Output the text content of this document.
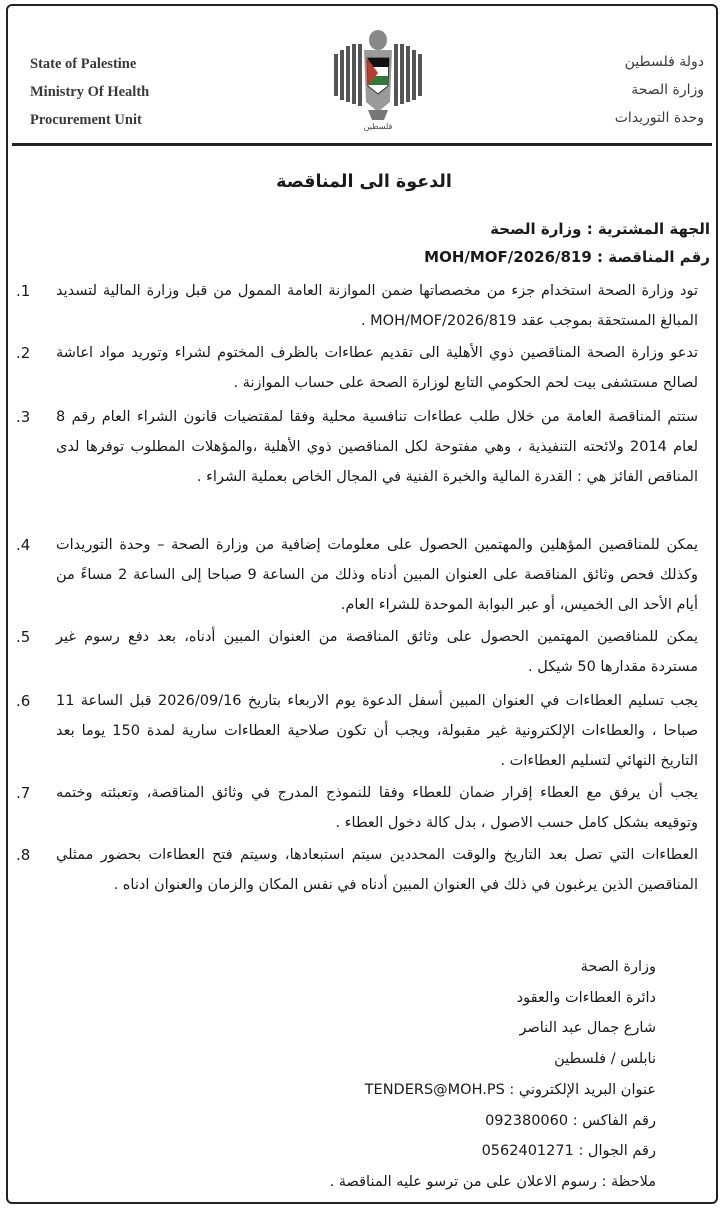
State of Palestine
Ministry Of Health
Procurement Unit	فلسطين
دولة فلسطين
وزارة الصحة
وحدة التوريدات
الدعوة الى المناقصة
الجهة المشترية : وزارة الصحة
رقم المناقصة : MOH/MOF/2026/819
.1	تود وزارة الصحة استخدام جزء من مخصصاتها ضمن الموازنة العامة الممول من قبل وزارة المالية لتسديد المبالغ المستحقة بموجب عقد MOH/MOF/2026/819 .
.2	تدعو وزارة الصحة المناقصين ذوي الأهلية الى تقديم عطاءات بالظرف المختوم لشراء وتوريد مواد اعاشة لصالح مستشفى بيت لحم الحكومي التابع لوزارة الصحة على حساب الموازنة .
.3	ستتم المناقصة العامة من خلال طلب عطاءات تنافسية محلية وفقا لمقتضيات قانون الشراء العام رقم 8 لعام 2014 ولائحته التنفيذية ، وهي مفتوحة لكل المناقصين ذوي الأهلية ،والمؤهلات المطلوب توفرها لدى المناقص الفائز هي : القدرة المالية والخبرة الفنية في المجال الخاص بعملية الشراء .
.4	يمكن للمناقصين المؤهلين والمهتمين الحصول على معلومات إضافية من وزارة الصحة – وحدة التوريدات وكذلك فحص وثائق المناقصة على العنوان المبين أدناه وذلك من الساعة 9 صباحا إلى الساعة 2 مساءً من أيام الأحد الى الخميس، أو عبر البوابة الموحدة للشراء العام.
.5	يمكن للمناقصين المهتمين الحصول على وثائق المناقصة من العنوان المبين أدناه، بعد دفع رسوم غير مستردة مقدارها 50 شيكل .
.6	يجب تسليم العطاءات في العنوان المبين أسفل الدعوة يوم الاربعاء بتاريخ 2026/09/16 قبل الساعة 11 صباحا ، والعطاءات الإلكترونية غير مقبولة، ويجب أن تكون صلاحية العطاءات سارية لمدة 150 يوما بعد التاريخ النهائي لتسليم العطاءات .
.7	يجب أن يرفق مع العطاء إقرار ضمان للعطاء وفقا للنموذج المدرج في وثائق المناقصة، وتعبئته وختمه وتوقيعه بشكل كامل حسب الاصول ، بدل كالة دخول العطاء .
.8	العطاءات التي تصل بعد التاريخ والوقت المحددين سيتم استبعادها، وسيتم فتح العطاءات بحضور ممثلي المناقصين الذين يرغبون في ذلك في العنوان المبين أدناه في نفس المكان والزمان والعنوان ادناه .
وزارة الصحة
دائرة العطاءات والعقود
شارع جمال عبد الناصر
نابلس / فلسطين
عنوان البريد الإلكتروني : TENDERS@MOH.PS
رقم الفاكس : 092380060
رقم الجوال : 0562401271
ملاحظة : رسوم الاعلان على من ترسو عليه المناقصة .
